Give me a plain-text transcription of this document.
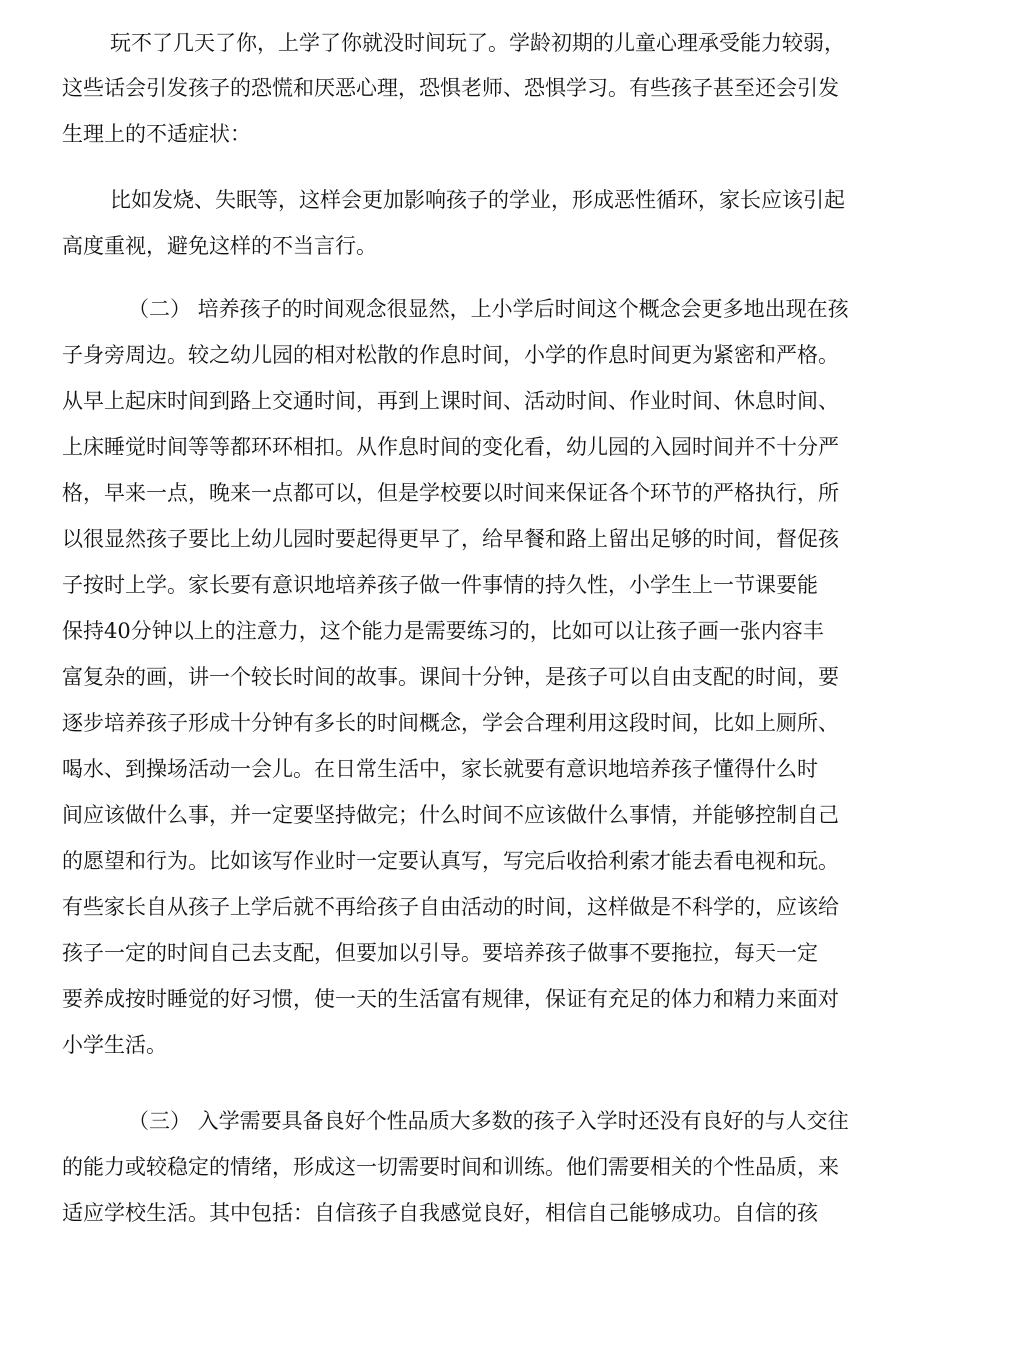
玩不了几天了你，上学了你就没时间玩了。学龄初期的儿童心理承受能力较弱，

这些话会引发孩子的恐慌和厌恶心理，恐惧老师、恐惧学习。有些孩子甚至还会引发

生理上的不适症状：

比如发烧、失眠等，这样会更加影响孩子的学业，形成恶性循环，家长应该引起

高度重视，避免这样的不当言行。

（二） 培养孩子的时间观念很显然，上小学后时间这个概念会更多地出现在孩

子身旁周边。较之幼儿园的相对松散的作息时间，小学的作息时间更为紧密和严格。

从早上起床时间到路上交通时间，再到上课时间、活动时间、作业时间、休息时间、

上床睡觉时间等等都环环相扣。从作息时间的变化看，幼儿园的入园时间并不十分严

格，早来一点，晚来一点都可以，但是学校要以时间来保证各个环节的严格执行，所

以很显然孩子要比上幼儿园时要起得更早了，给早餐和路上留出足够的时间，督促孩

子按时上学。家长要有意识地培养孩子做一件事情的持久性，小学生上一节课要能

保持40分钟以上的注意力，这个能力是需要练习的，比如可以让孩子画一张内容丰

富复杂的画，讲一个较长时间的故事。课间十分钟，是孩子可以自由支配的时间，要

逐步培养孩子形成十分钟有多长的时间概念，学会合理利用这段时间，比如上厕所、

喝水、到操场活动一会儿。在日常生活中，家长就要有意识地培养孩子懂得什么时

间应该做什么事，并一定要坚持做完；什么时间不应该做什么事情，并能够控制自己

的愿望和行为。比如该写作业时一定要认真写，写完后收拾利索才能去看电视和玩。

有些家长自从孩子上学后就不再给孩子自由活动的时间，这样做是不科学的，应该给

孩子一定的时间自己去支配，但要加以引导。要培养孩子做事不要拖拉，每天一定

要养成按时睡觉的好习惯，使一天的生活富有规律，保证有充足的体力和精力来面对

小学生活。

（三） 入学需要具备良好个性品质大多数的孩子入学时还没有良好的与人交往

的能力或较稳定的情绪，形成这一切需要时间和训练。他们需要相关的个性品质，来

适应学校生活。其中包括：自信孩子自我感觉良好，相信自己能够成功。自信的孩
